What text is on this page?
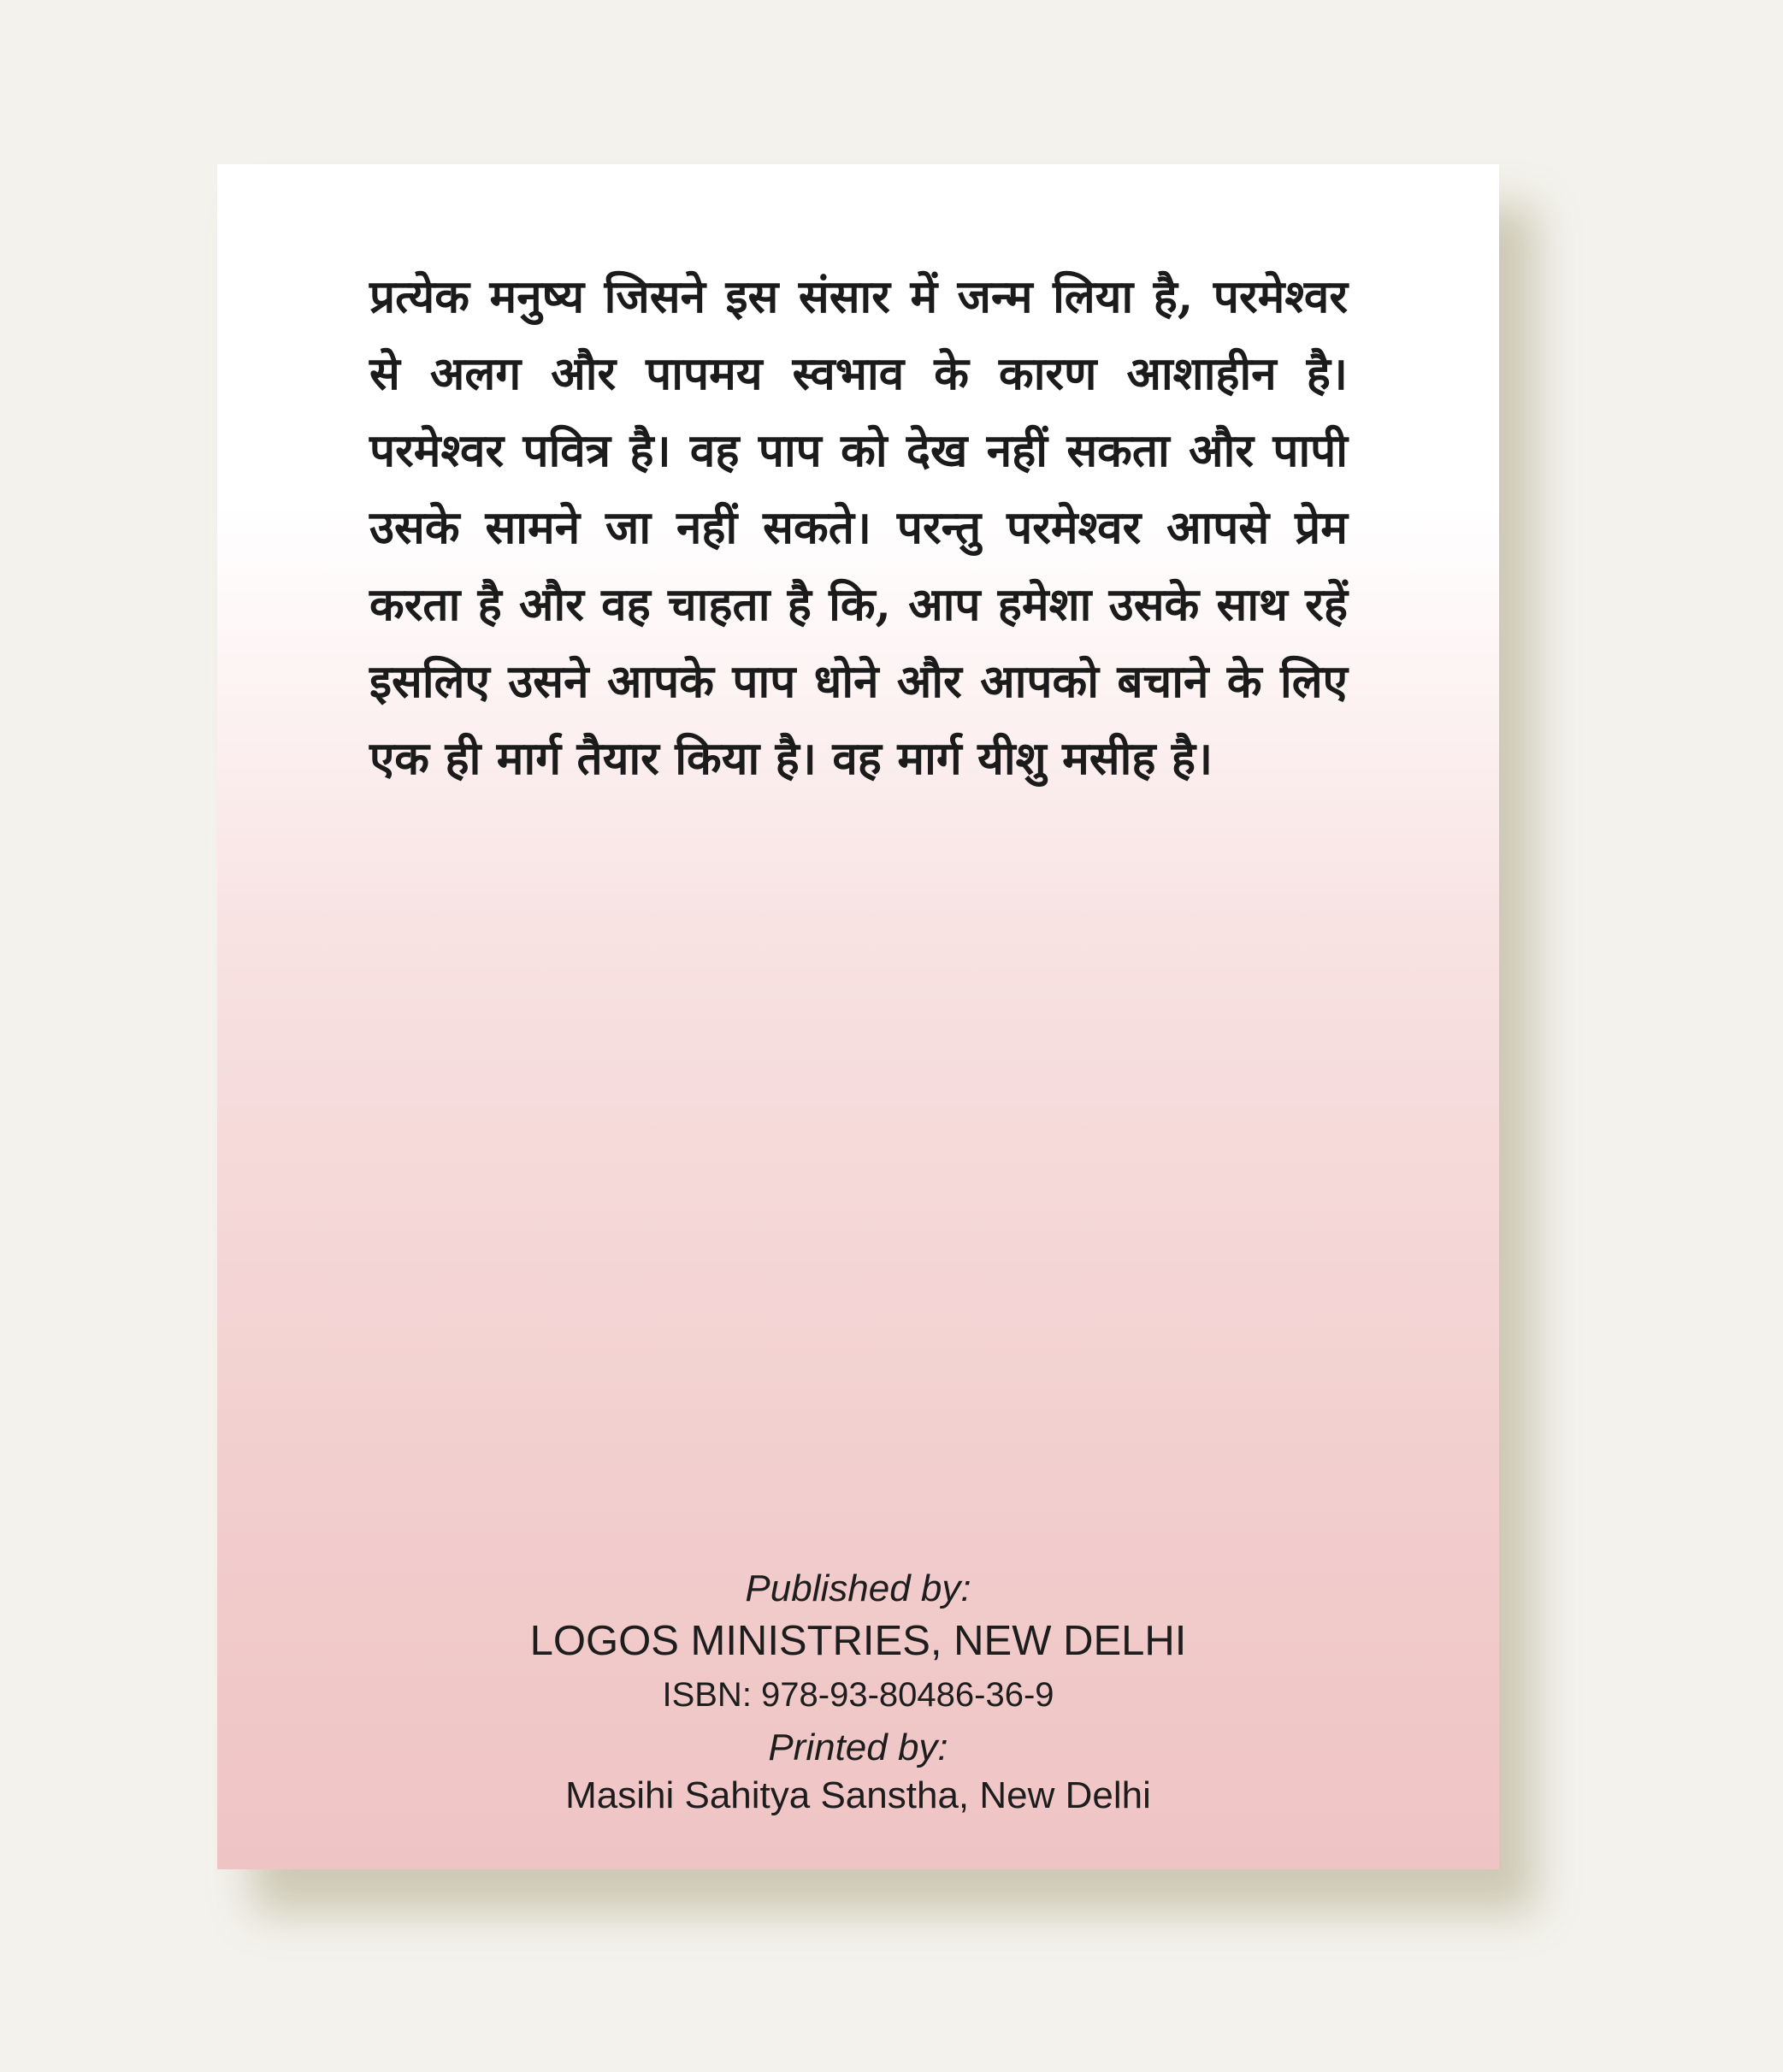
प्रत्येक मनुष्य जिसने इस संसार में जन्म लिया है, परमेश्वर से अलग और पापमय स्वभाव के कारण आशाहीन है। परमेश्वर पवित्र है। वह पाप को देख नहीं सकता और पापी उसके सामने जा नहीं सकते। परन्तु परमेश्वर आपसे प्रेम करता है और वह चाहता है कि, आप हमेशा उसके साथ रहें इसलिए उसने आपके पाप धोने और आपको बचाने के लिए एक ही मार्ग तैयार किया है। वह मार्ग यीशु मसीह है।

Published by:
LOGOS MINISTRIES, NEW DELHI
ISBN: 978-93-80486-36-9
Printed by:
Masihi Sahitya Sanstha, New Delhi
